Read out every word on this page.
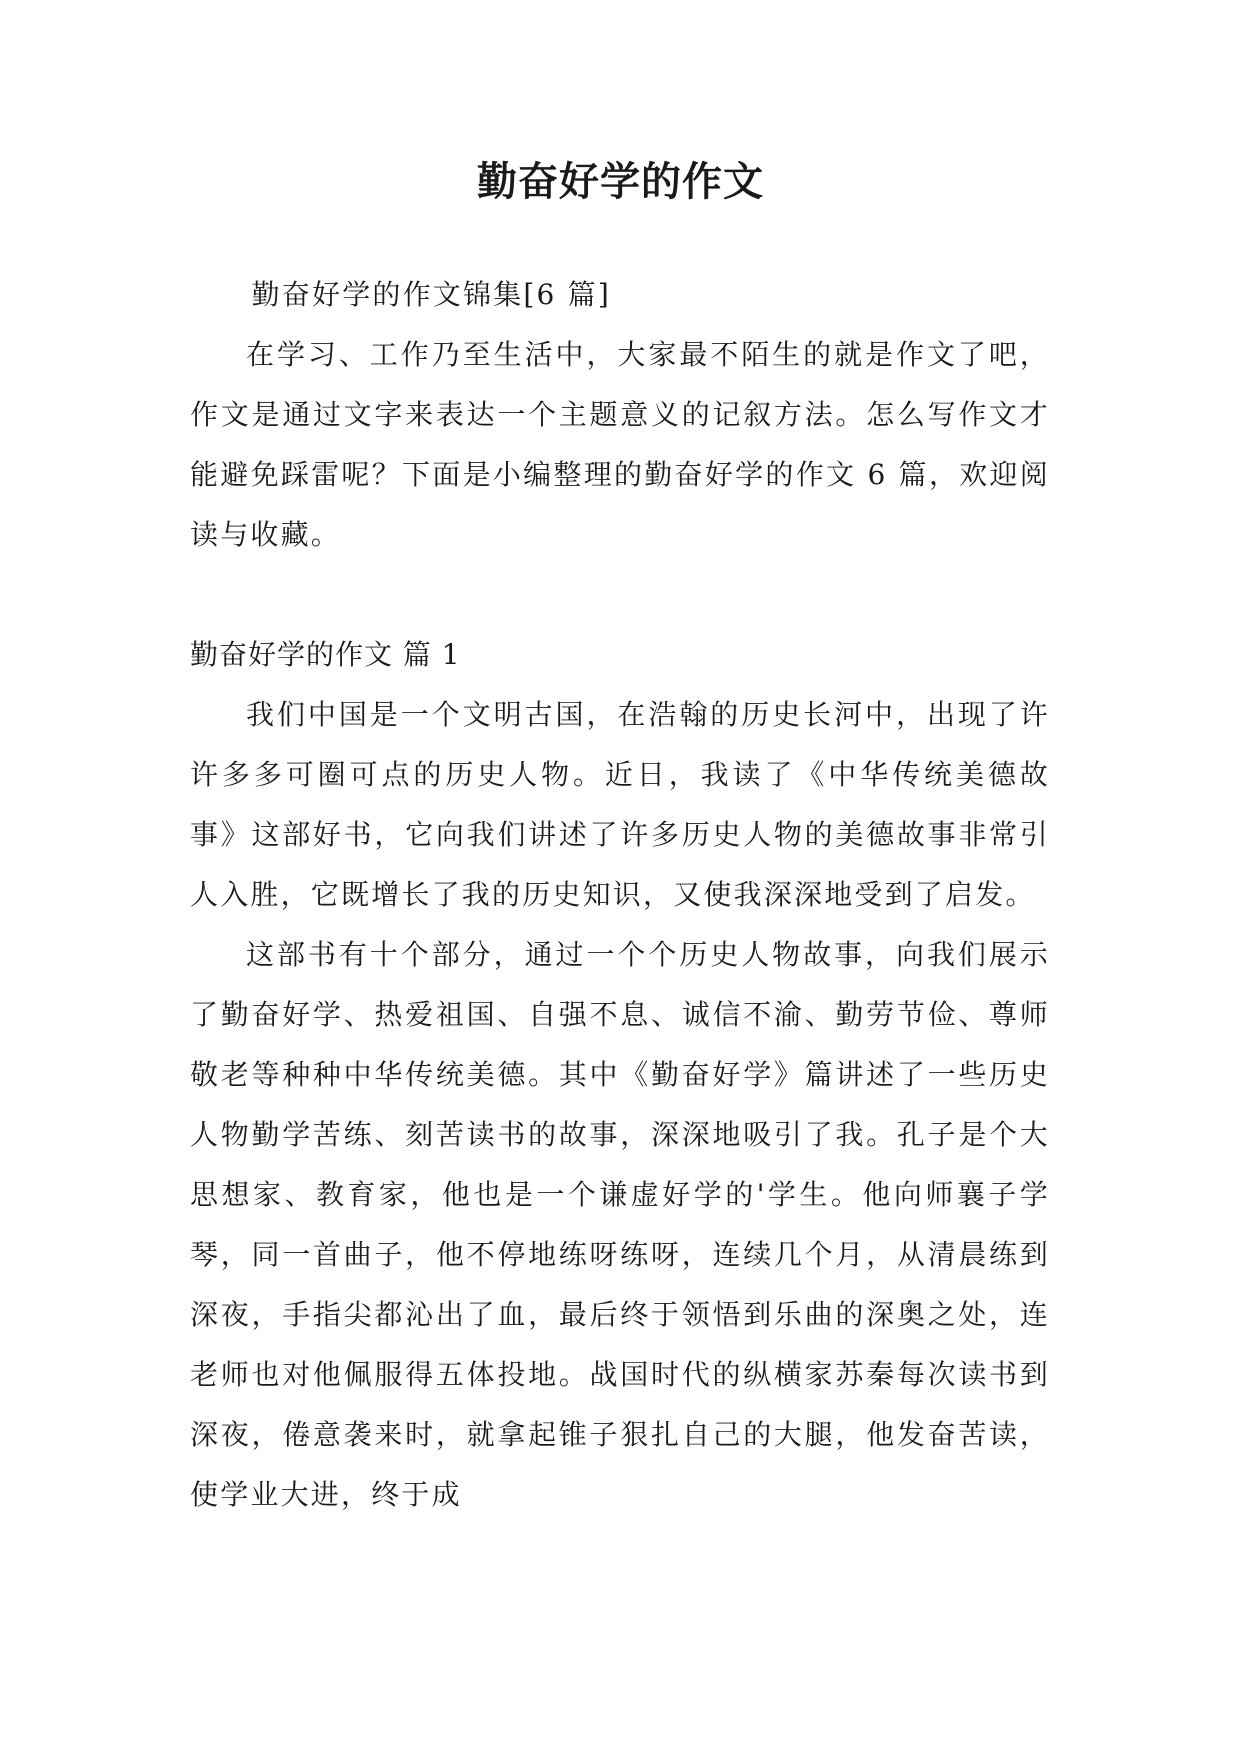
勤奋好学的作文

勤奋好学的作文锦集[6 篇]

在学习、工作乃至生活中，大家最不陌生的就是作文了吧，作文是通过文字来表达一个主题意义的记叙方法。怎么写作文才能避免踩雷呢？下面是小编整理的勤奋好学的作文 6 篇，欢迎阅读与收藏。

勤奋好学的作文 篇 1

我们中国是一个文明古国，在浩翰的历史长河中，出现了许许多多可圈可点的历史人物。近日，我读了《中华传统美德故事》这部好书，它向我们讲述了许多历史人物的美德故事非常引人入胜，它既增长了我的历史知识，又使我深深地受到了启发。

这部书有十个部分，通过一个个历史人物故事，向我们展示了勤奋好学、热爱祖国、自强不息、诚信不渝、勤劳节俭、尊师敬老等种种中华传统美德。其中《勤奋好学》篇讲述了一些历史人物勤学苦练、刻苦读书的故事，深深地吸引了我。孔子是个大思想家、教育家，他也是一个谦虚好学的'学生。他向师襄子学琴，同一首曲子，他不停地练呀练呀，连续几个月，从清晨练到深夜，手指尖都沁出了血，最后终于领悟到乐曲的深奥之处，连老师也对他佩服得五体投地。战国时代的纵横家苏秦每次读书到深夜，倦意袭来时，就拿起锥子狠扎自己的大腿，他发奋苦读，使学业大进，终于成
